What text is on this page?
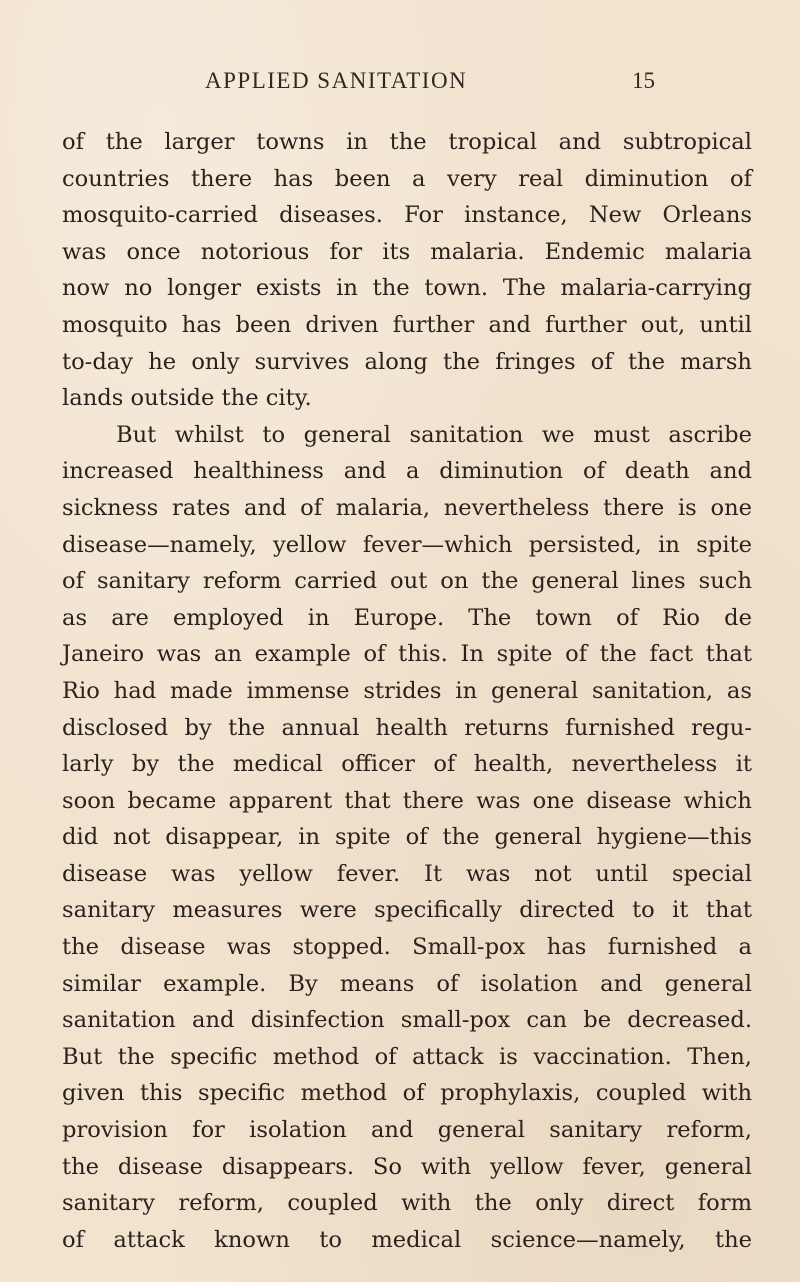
APPLIED SANITATION	15
of the larger towns in the tropical and subtropical
countries there has been a very real diminution of
mosquito-carried diseases. For instance, New Orleans
was once notorious for its malaria. Endemic malaria
now no longer exists in the town. The malaria-carrying
mosquito has been driven further and further out, until
to-day he only survives along the fringes of the marsh
lands outside the city.
But whilst to general sanitation we must ascribe
increased healthiness and a diminution of death and
sickness rates and of malaria, nevertheless there is one
disease—namely, yellow fever—which persisted, in spite
of sanitary reform carried out on the general lines such
as are employed in Europe. The town of Rio de
Janeiro was an example of this. In spite of the fact that
Rio had made immense strides in general sanitation, as
disclosed by the annual health returns furnished regu-
larly by the medical officer of health, nevertheless it
soon became apparent that there was one disease which
did not disappear, in spite of the general hygiene—this
disease was yellow fever. It was not until special
sanitary measures were specifically directed to it that
the disease was stopped. Small-pox has furnished a
similar example. By means of isolation and general
sanitation and disinfection small-pox can be decreased.
But the specific method of attack is vaccination. Then,
given this specific method of prophylaxis, coupled with
provision for isolation and general sanitary reform,
the disease disappears. So with yellow fever, general
sanitary reform, coupled with the only direct form
of attack known to medical science—namely, the
